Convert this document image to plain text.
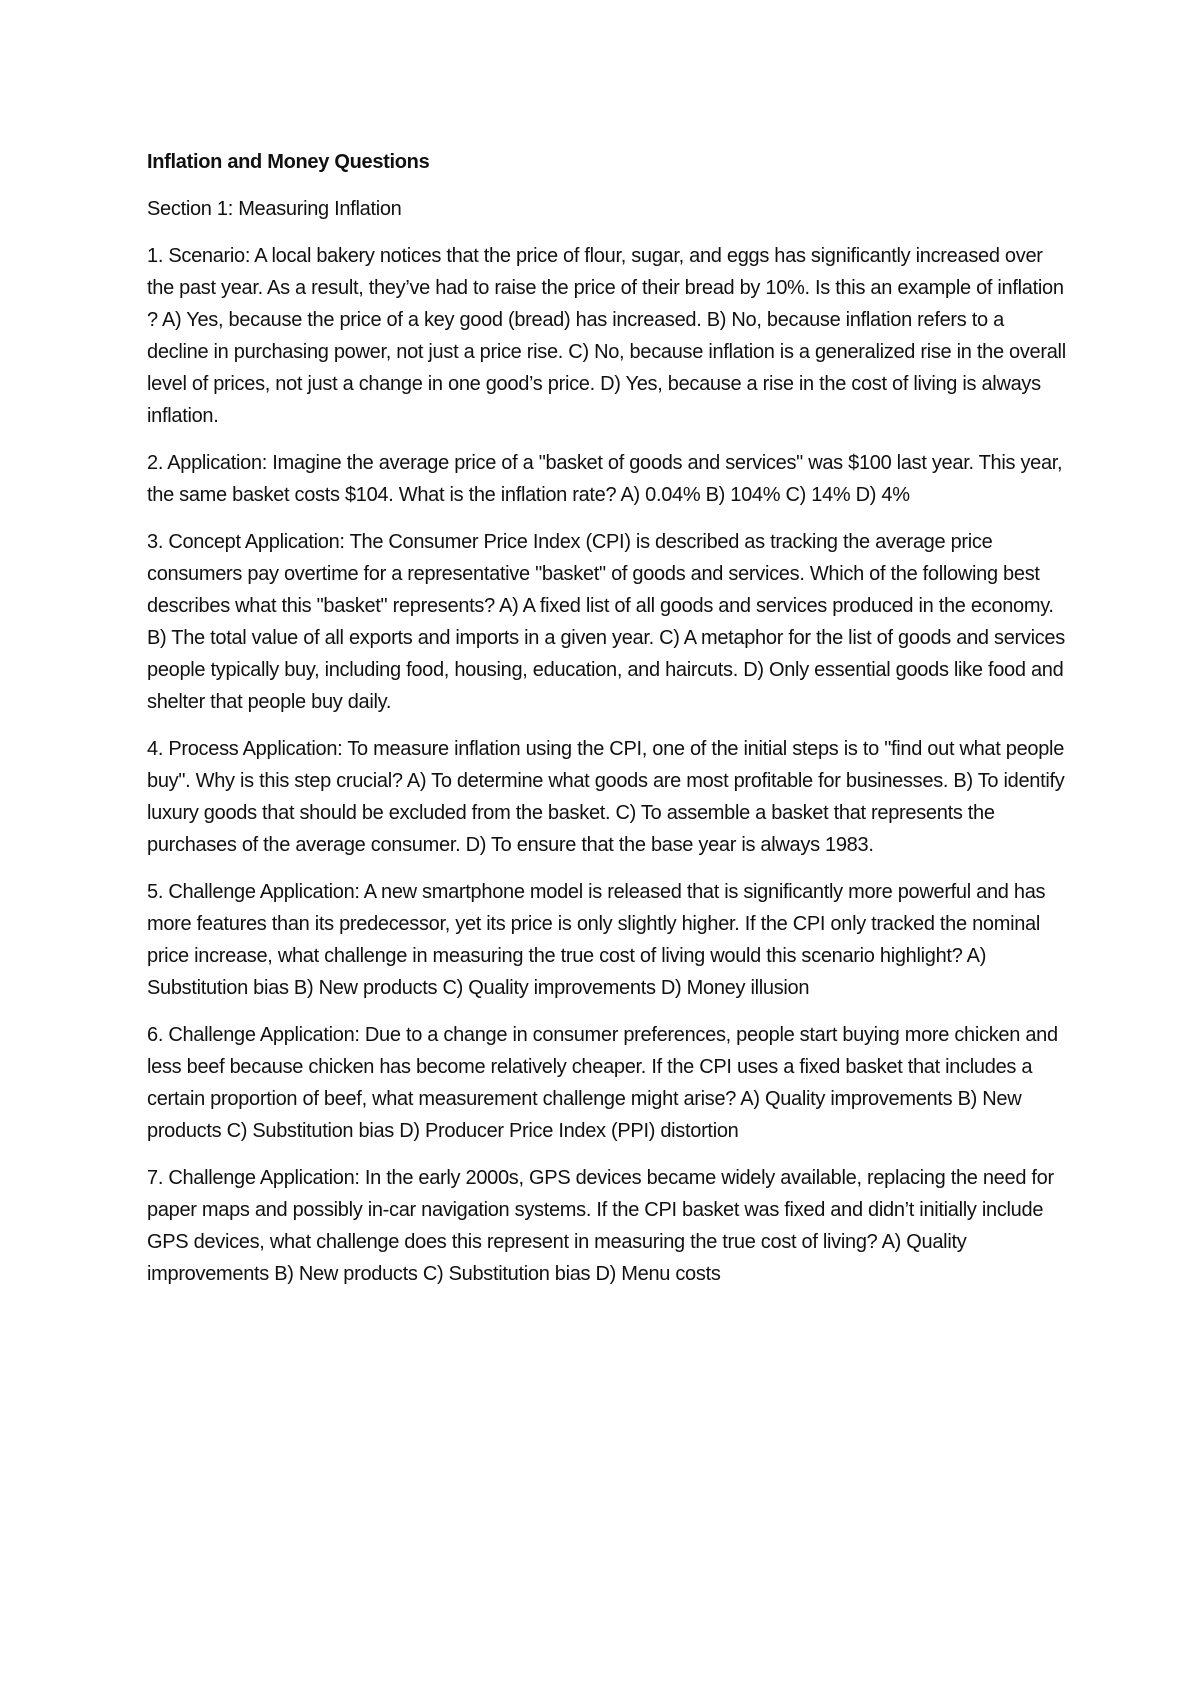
Inflation and Money Questions

Section 1: Measuring Inflation

1. Scenario: A local bakery notices that the price of flour, sugar, and eggs has significantly increased over the past year. As a result, they’ve had to raise the price of their bread by 10%. Is this an example of inflation ? A) Yes, because the price of a key good (bread) has increased. B) No, because inflation refers to a decline in purchasing power, not just a price rise. C) No, because inflation is a generalized rise in the overall level of prices, not just a change in one good’s price. D) Yes, because a rise in the cost of living is always inflation.

2. Application: Imagine the average price of a "basket of goods and services" was $100 last year. This year, the same basket costs $104. What is the inflation rate? A) 0.04% B) 104% C) 14% D) 4%

3. Concept Application: The Consumer Price Index (CPI) is described as tracking the average price consumers pay overtime for a representative "basket" of goods and services. Which of the following best describes what this "basket" represents? A) A fixed list of all goods and services produced in the economy. B) The total value of all exports and imports in a given year. C) A metaphor for the list of goods and services people typically buy, including food, housing, education, and haircuts. D) Only essential goods like food and shelter that people buy daily.

4. Process Application: To measure inflation using the CPI, one of the initial steps is to "find out what people buy". Why is this step crucial? A) To determine what goods are most profitable for businesses. B) To identify luxury goods that should be excluded from the basket. C) To assemble a basket that represents the purchases of the average consumer. D) To ensure that the base year is always 1983.

5. Challenge Application: A new smartphone model is released that is significantly more powerful and has more features than its predecessor, yet its price is only slightly higher. If the CPI only tracked the nominal price increase, what challenge in measuring the true cost of living would this scenario highlight? A) Substitution bias B) New products C) Quality improvements D) Money illusion

6. Challenge Application: Due to a change in consumer preferences, people start buying more chicken and less beef because chicken has become relatively cheaper. If the CPI uses a fixed basket that includes a certain proportion of beef, what measurement challenge might arise? A) Quality improvements B) New products C) Substitution bias D) Producer Price Index (PPI) distortion

7. Challenge Application: In the early 2000s, GPS devices became widely available, replacing the need for paper maps and possibly in-car navigation systems. If the CPI basket was fixed and didn’t initially include GPS devices, what challenge does this represent in measuring the true cost of living? A) Quality improvements B) New products C) Substitution bias D) Menu costs
